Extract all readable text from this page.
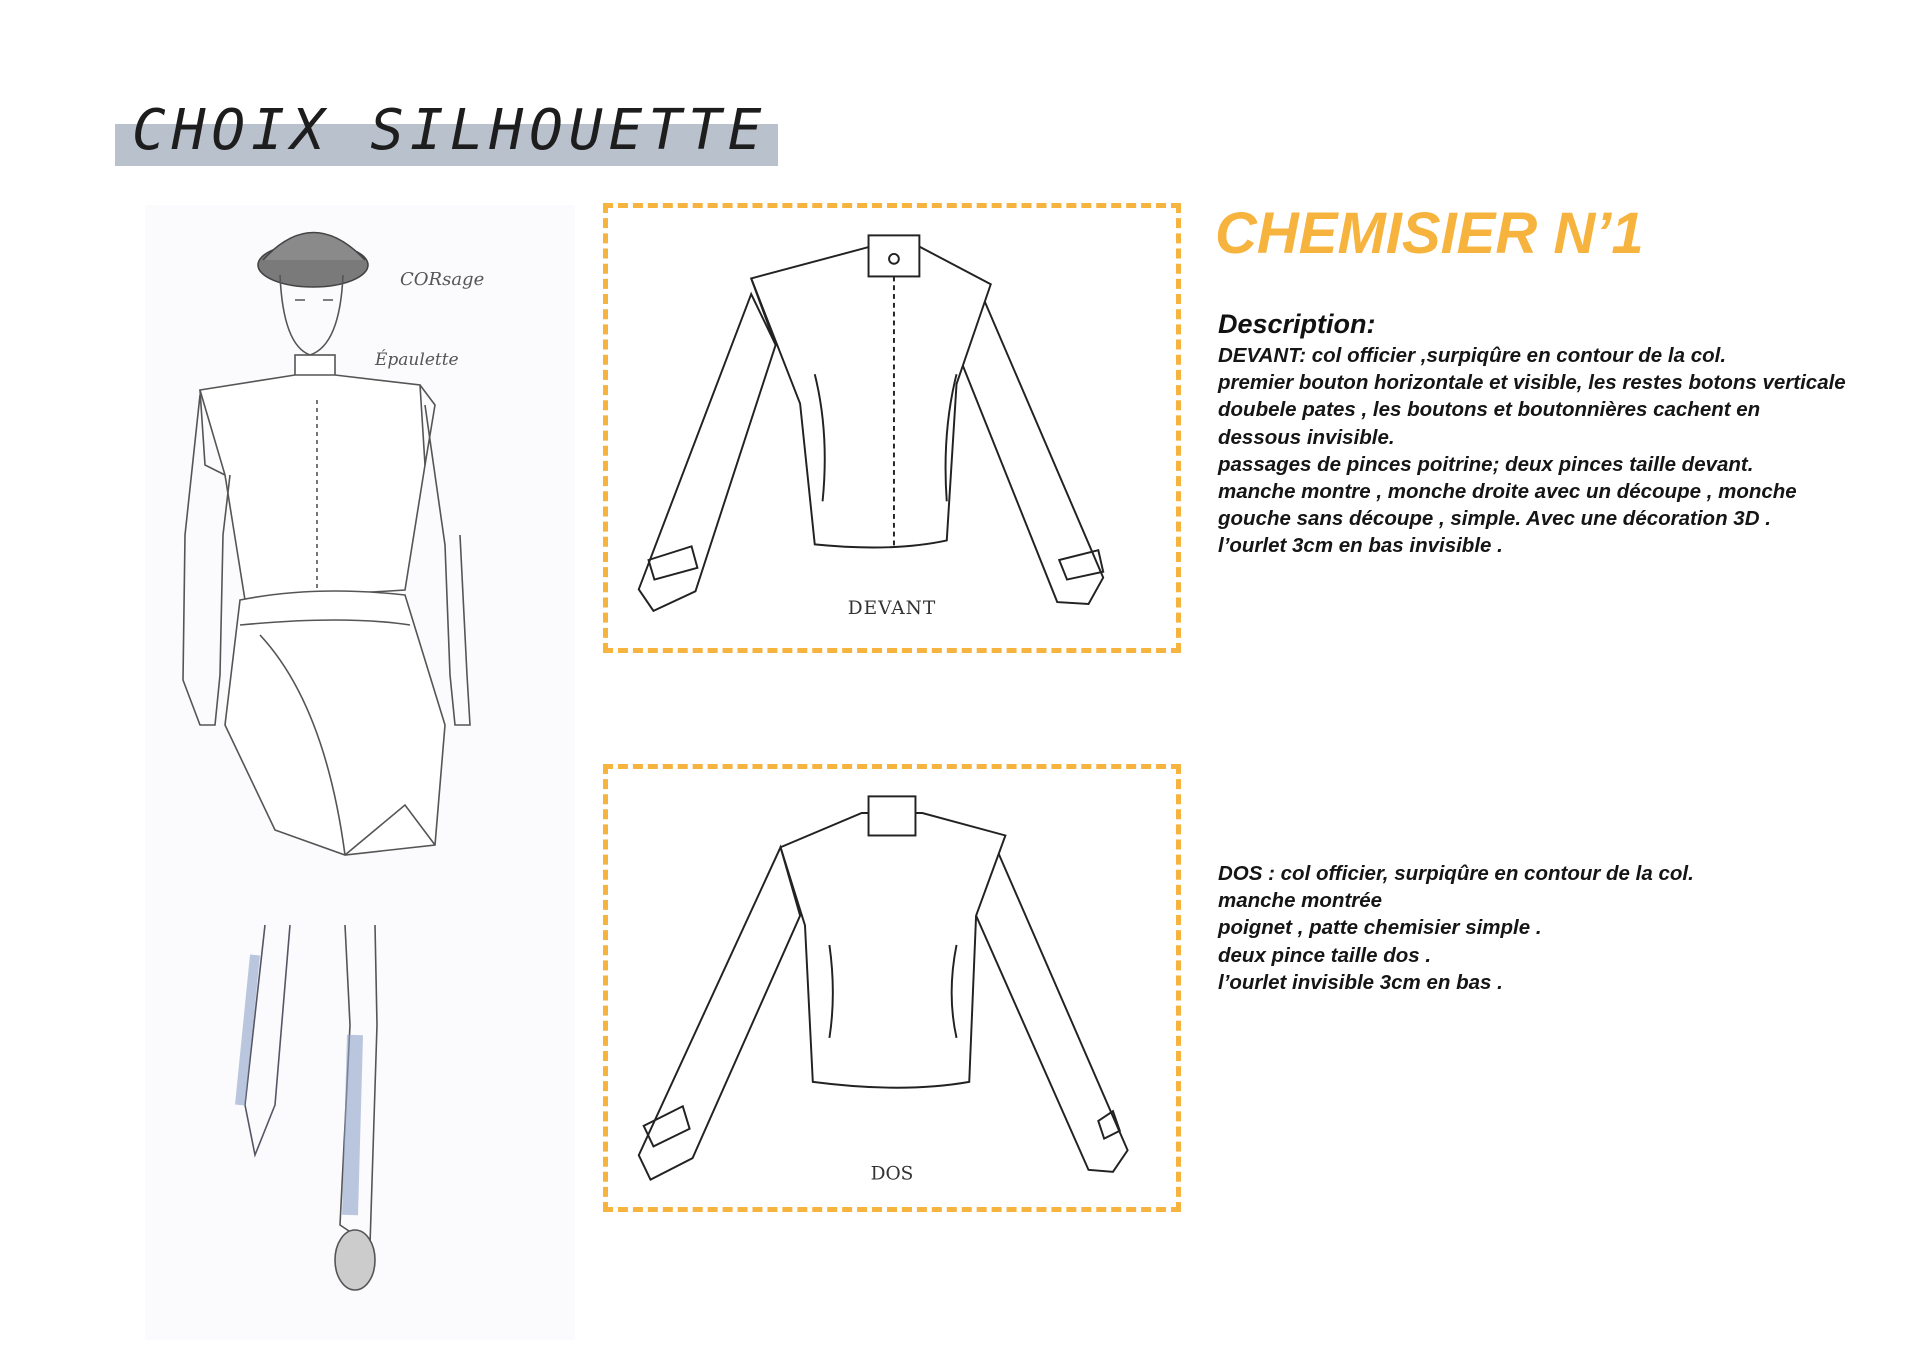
CHOIX SILHOUETTE
CORsage
Épaulette
DEVANT
DOS
CHEMISIER N’1
Description:
DEVANT: col officier ,surpiqûre en contour de la col.
premier bouton horizontale et visible, les restes botons verticale
doubele pates , les boutons et boutonnières cachent en
dessous invisible.
passages de pinces poitrine; deux pinces taille devant.
manche montre , monche droite avec un découpe , monche
gouche sans découpe , simple. Avec une décoration 3D .
l’ourlet 3cm en bas invisible .
DOS : col officier, surpiqûre en contour de la col.
manche montrée
poignet , patte chemisier simple .
deux pince taille dos .
l’ourlet invisible 3cm en bas .
